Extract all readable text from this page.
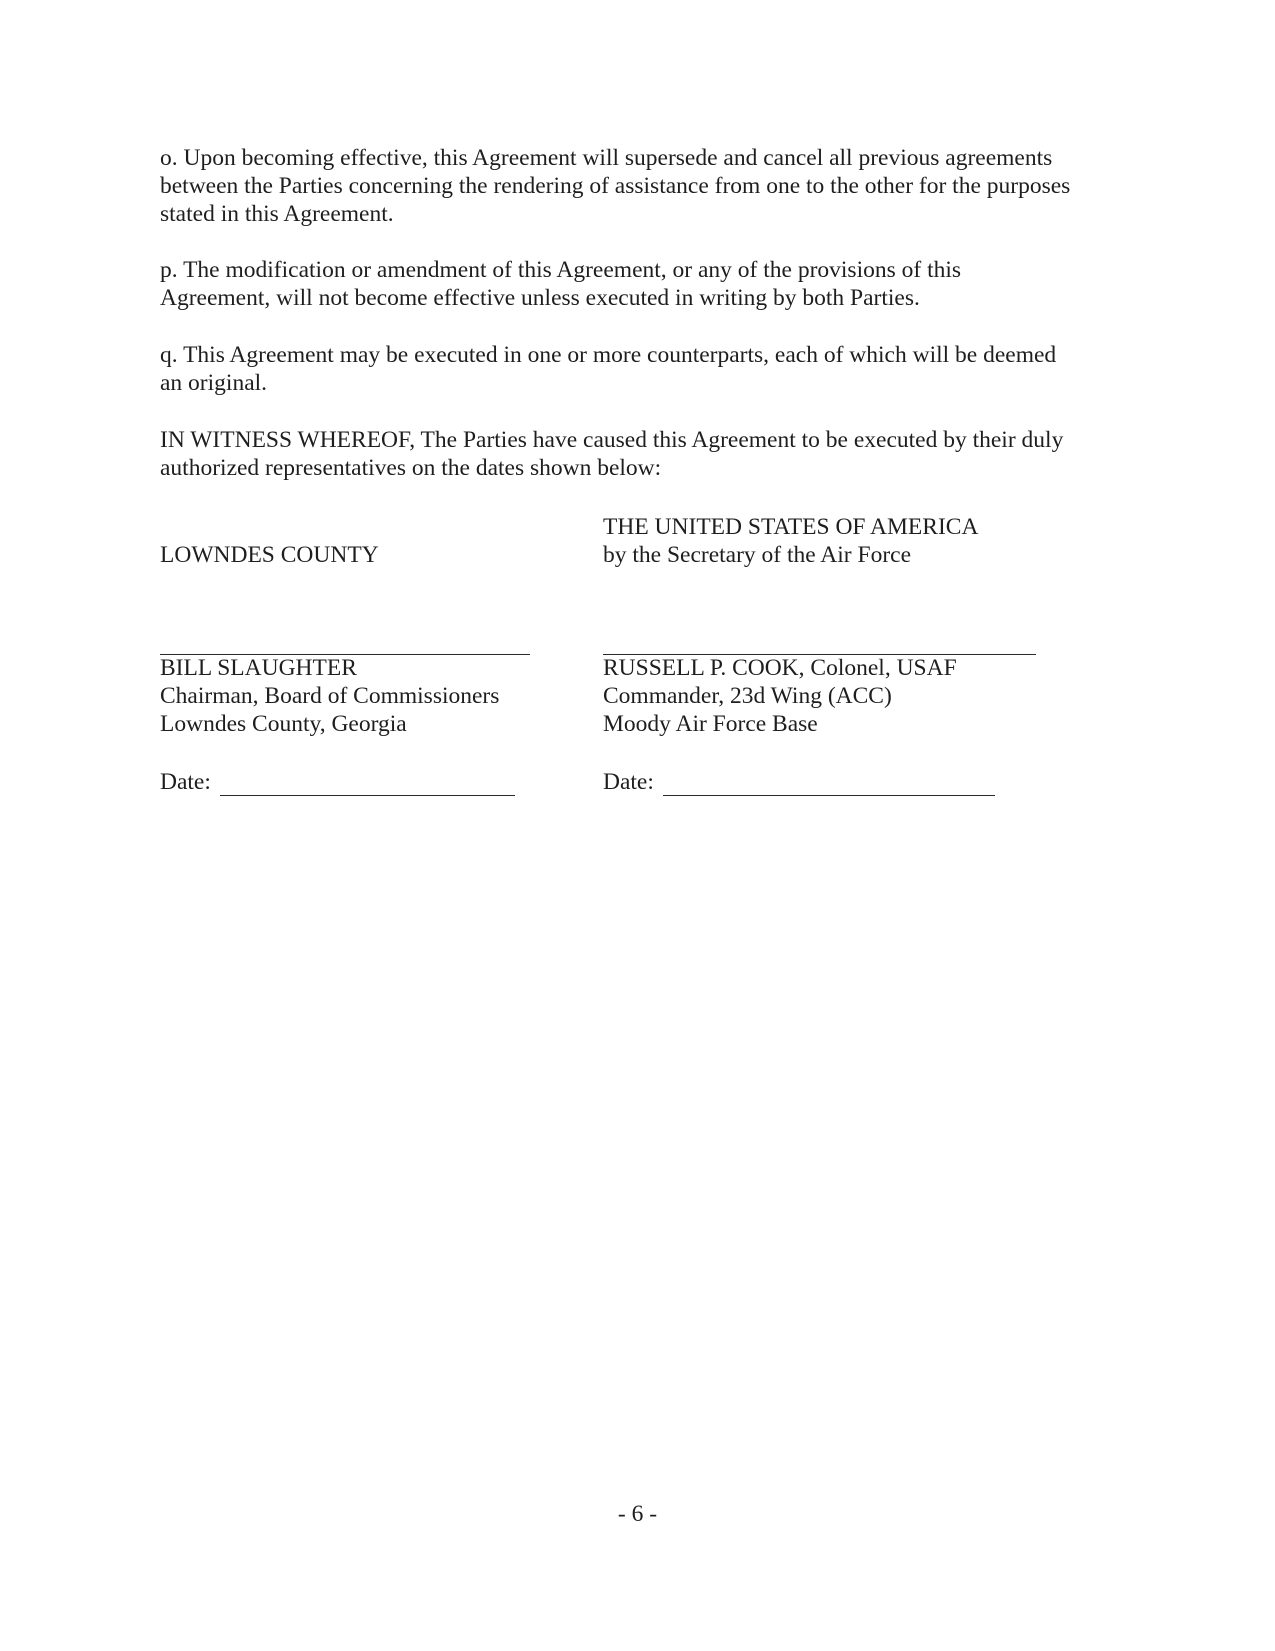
o. Upon becoming effective, this Agreement will supersede and cancel all previous agreements
between the Parties concerning the rendering of assistance from one to the other for the purposes
stated in this Agreement.

p. The modification or amendment of this Agreement, or any of the provisions of this
Agreement, will not become effective unless executed in writing by both Parties.

q. This Agreement may be executed in one or more counterparts, each of which will be deemed
an original.

IN WITNESS WHEREOF, The Parties have caused this Agreement to be executed by their duly
authorized representatives on the dates shown below:

LOWNDES COUNTY
THE UNITED STATES OF AMERICA
by the Secretary of the Air Force
BILL SLAUGHTER
Chairman, Board of Commissioners
Lowndes County, Georgia
RUSSELL P. COOK, Colonel, USAF
Commander, 23d Wing (ACC)
Moody Air Force Base
Date:	Date:
- 6 -
